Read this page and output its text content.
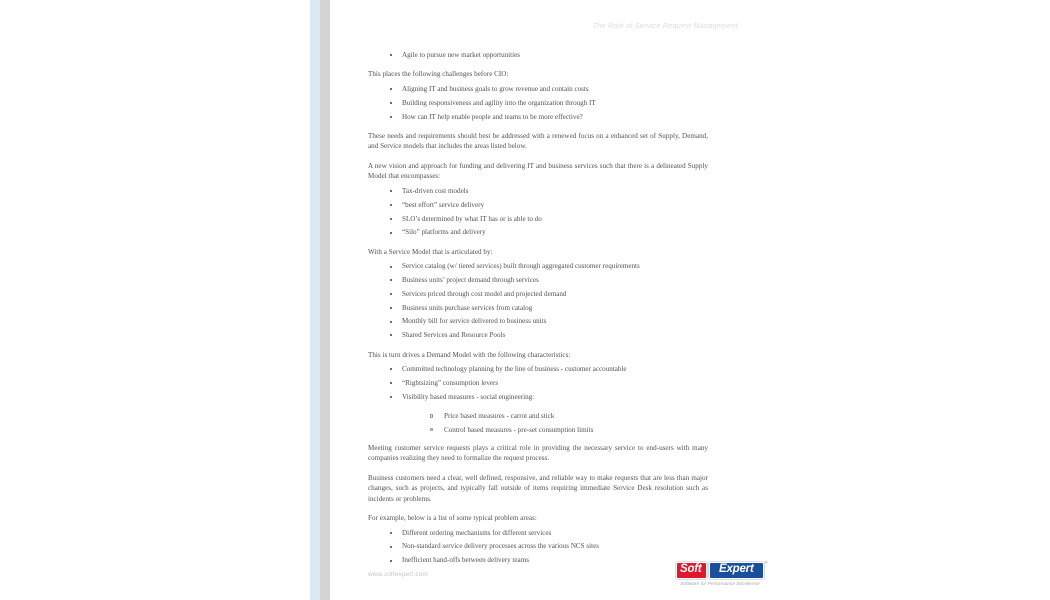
The Role of Service Request Management
Agile to pursue new market opportunities

This places the following challenges before CIO:

Aligning IT and business goals to grow revenue and contain costs
Building responsiveness and agility into the organization through IT
How can IT help enable people and teams to be more effective?

These needs and requirements should best be addressed with a renewed focus on a enhanced set of Supply, Demand, and Service models that includes the areas listed below.

A new vision and approach for funding and delivering IT and business services such that there is a delineated Supply Model that encompasses:

Tax-driven cost models
“best effort” service delivery
SLO’s determined by what IT has or is able to do
“Silo” platforms and delivery

With a Service Model that is articulated by:

Service catalog (w/ tiered services) built through aggregated customer requirements
Business units’ project demand through services
Services priced through cost model and projected demand
Business units purchase services from catalog
Monthly bill for service delivered to business units
Shared Services and Resource Pools

This is turn drives a Demand Model with the following characteristics:

Committed technology planning by the line of business - customer accountable
“Rightsizing” consumption levers
Visibility based measures - social engineering:
Price based measures - carrot and stick
Control based measures - pre-set consumption limits

Meeting customer service requests plays a critical role in providing the necessary service to end-users with many companies realizing they need to formalize the request process.

Business customers need a clear, well defined, responsive, and reliable way to make requests that are less than major changes, such as projects, and typically fall outside of items requiring immediate Service Desk resolution such as incidents or problems.

For example, below is a list of some typical problem areas:

Different ordering mechanisms for different services
Non-standard service delivery processes across the various NCS sites
Inefficient hand-offs between delivery teams
www.softexpert.com	Soft Expert
®
Software for Performance Excellence
